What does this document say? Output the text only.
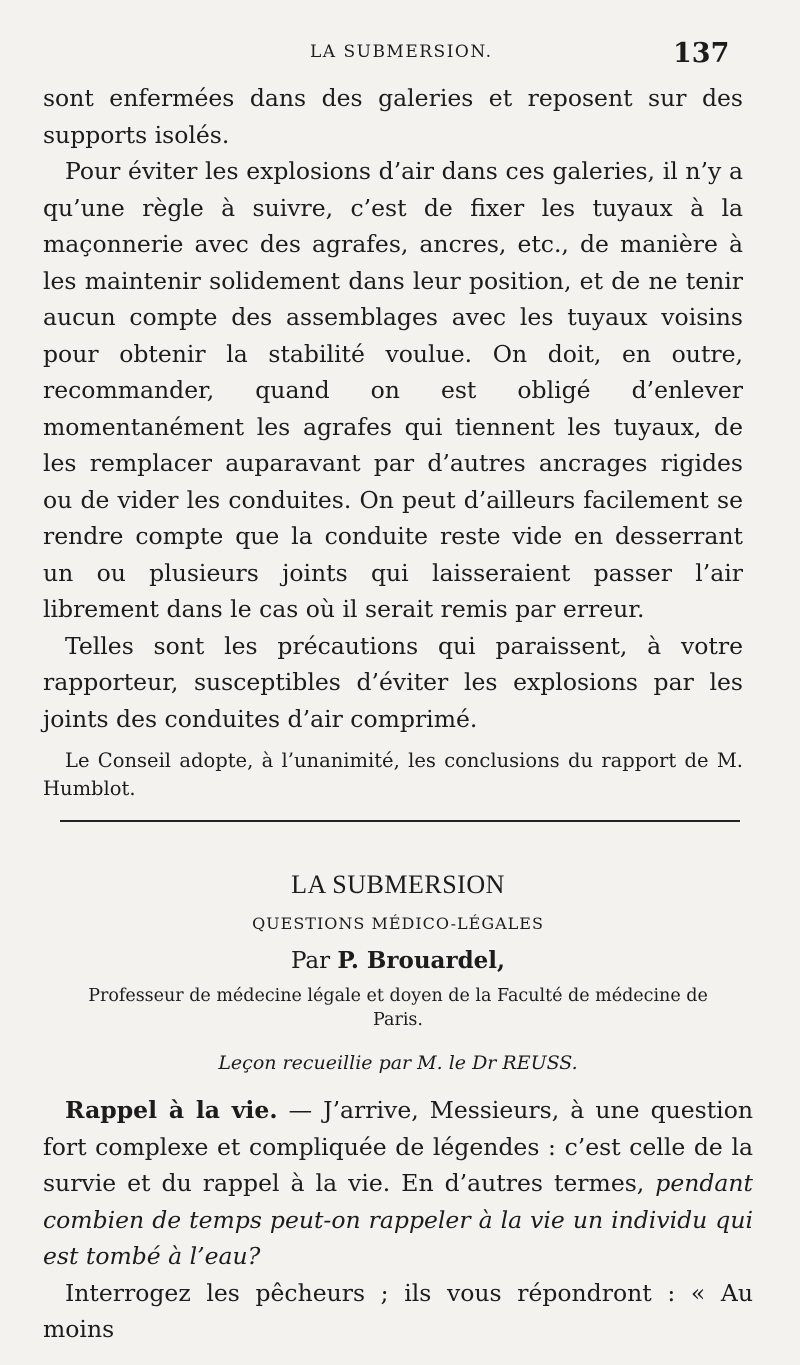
LA SUBMERSION.	137

sont enfermées dans des galeries et reposent sur des supports isolés.

Pour éviter les explosions d’air dans ces galeries, il n’y a qu’une règle à suivre, c’est de fixer les tuyaux à la maçonnerie avec des agrafes, ancres, etc., de manière à les maintenir solidement dans leur position, et de ne tenir aucun compte des assemblages avec les tuyaux voisins pour obtenir la stabilité voulue. On doit, en outre, recommander, quand on est obligé d’enlever momentanément les agrafes qui tiennent les tuyaux, de les remplacer auparavant par d’autres ancrages rigides ou de vider les conduites. On peut d’ailleurs facilement se rendre compte que la conduite reste vide en desserrant un ou plusieurs joints qui laisseraient passer l’air librement dans le cas où il serait remis par erreur.

Telles sont les précautions qui paraissent, à votre rapporteur, susceptibles d’éviter les explosions par les joints des conduites d’air comprimé.

Le Conseil adopte, à l’unanimité, les conclusions du rapport de M. Humblot.

LA SUBMERSION
QUESTIONS MÉDICO-LÉGALES
Par P. Brouardel,
Professeur de médecine légale et doyen de la Faculté de médecine de Paris.
Leçon recueillie par M. le Dr REUSS.

Rappel à la vie. — J’arrive, Messieurs, à une question fort complexe et compliquée de légendes : c’est celle de la survie et du rappel à la vie. En d’autres termes, pendant combien de temps peut-on rappeler à la vie un individu qui est tombé à l’eau?

Interrogez les pêcheurs ; ils vous répondront : « Au moins
